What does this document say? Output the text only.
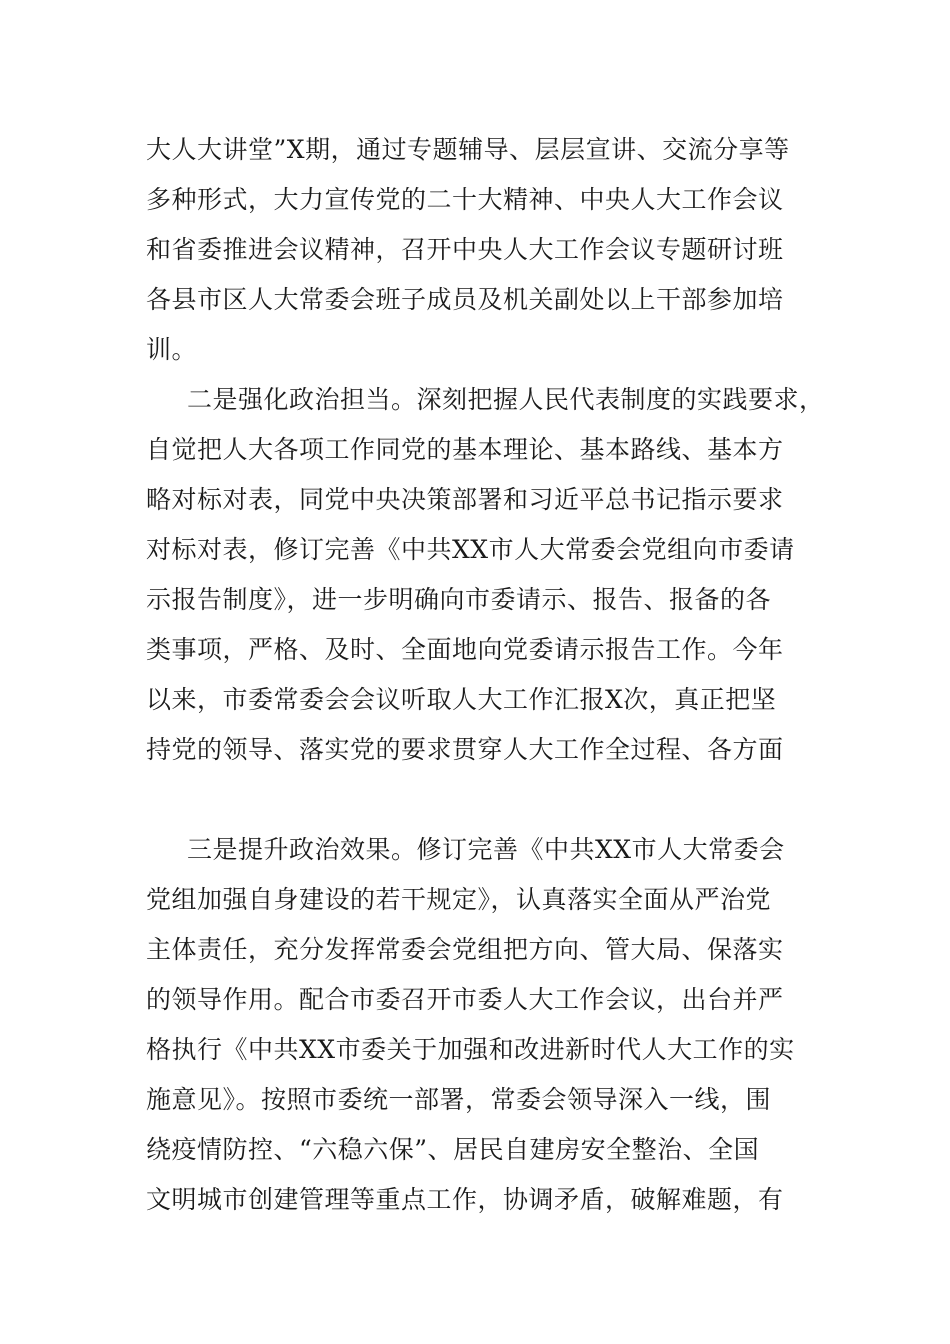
大人大讲堂”X期，通过专题辅导、层层宣讲、交流分享等
多种形式，大力宣传党的二十大精神、中央人大工作会议
和省委推进会议精神，召开中央人大工作会议专题研讨班
各县市区人大常委会班子成员及机关副处以上干部参加培
训。
二是强化政治担当。深刻把握人民代表制度的实践要求，
自觉把人大各项工作同党的基本理论、基本路线、基本方
略对标对表，同党中央决策部署和习近平总书记指示要求
对标对表，修订完善《中共XX市人大常委会党组向市委请
示报告制度》，进一步明确向市委请示、报告、报备的各
类事项，严格、及时、全面地向党委请示报告工作。今年
以来，市委常委会会议听取人大工作汇报X次，真正把坚
持党的领导、落实党的要求贯穿人大工作全过程、各方面
三是提升政治效果。修订完善《中共XX市人大常委会
党组加强自身建设的若干规定》，认真落实全面从严治党
主体责任，充分发挥常委会党组把方向、管大局、保落实
的领导作用。配合市委召开市委人大工作会议，出台并严
格执行《中共XX市委关于加强和改进新时代人大工作的实
施意见》。按照市委统一部署，常委会领导深入一线，围
绕疫情防控、“六稳六保”、居民自建房安全整治、全国
文明城市创建管理等重点工作，协调矛盾，破解难题，有
